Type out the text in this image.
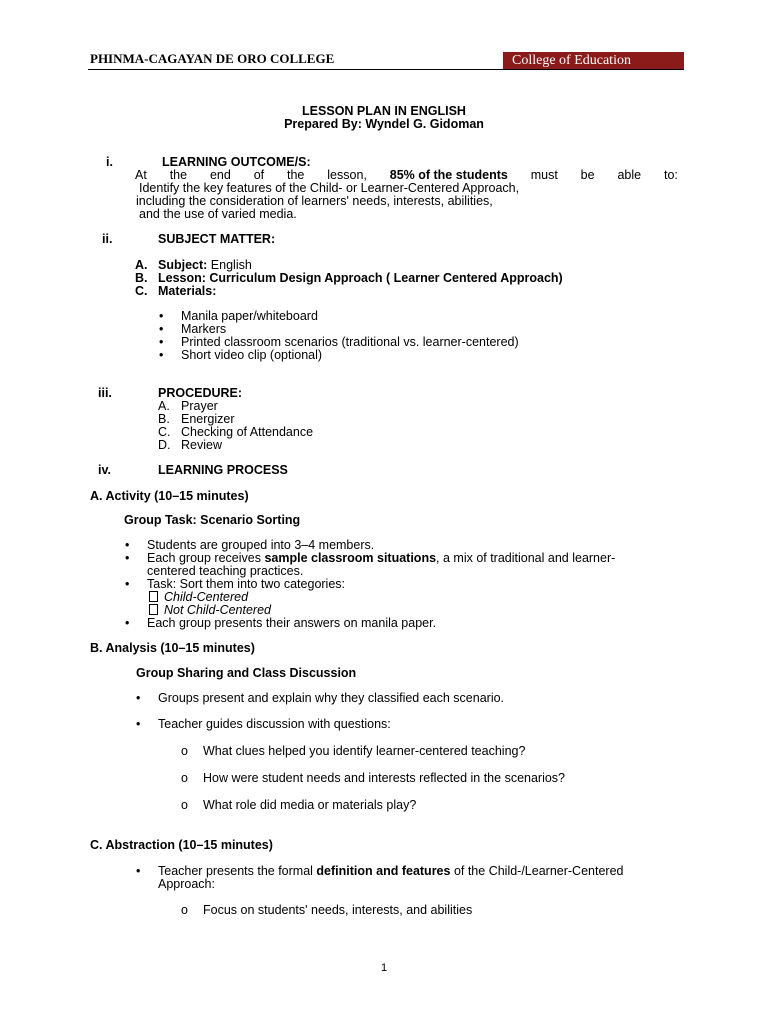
PHINMA-CAGAYAN DE ORO COLLEGE	College of Education
LESSON PLAN IN ENGLISH
Prepared By: Wyndel G. Gidoman
i.	LEARNING OUTCOME/S:
At the end of the lesson, 85% of the students must be able to:
Identify the key features of the Child- or Learner-Centered Approach,
including the consideration of learners' needs, interests, abilities,
and the use of varied media.
ii.	SUBJECT MATTER:
A. Subject: English
B. Lesson: Curriculum Design Approach ( Learner Centered Approach)
C. Materials:
• Manila paper/whiteboard
• Markers
• Printed classroom scenarios (traditional vs. learner-centered)
• Short video clip (optional)
iii.	PROCEDURE:
A. Prayer
B. Energizer
C. Checking of Attendance
D. Review
iv.	LEARNING PROCESS
A. Activity (10–15 minutes)
Group Task: Scenario Sorting
• Students are grouped into 3–4 members.
• Each group receives sample classroom situations, a mix of traditional and learner-
centered teaching practices.
• Task: Sort them into two categories:
Child-Centered
Not Child-Centered
• Each group presents their answers on manila paper.
B. Analysis (10–15 minutes)
Group Sharing and Class Discussion
• Groups present and explain why they classified each scenario.
• Teacher guides discussion with questions:
o What clues helped you identify learner-centered teaching?
o How were student needs and interests reflected in the scenarios?
o What role did media or materials play?
C. Abstraction (10–15 minutes)
• Teacher presents the formal definition and features of the Child-/Learner-Centered
Approach:
o Focus on students' needs, interests, and abilities
1
